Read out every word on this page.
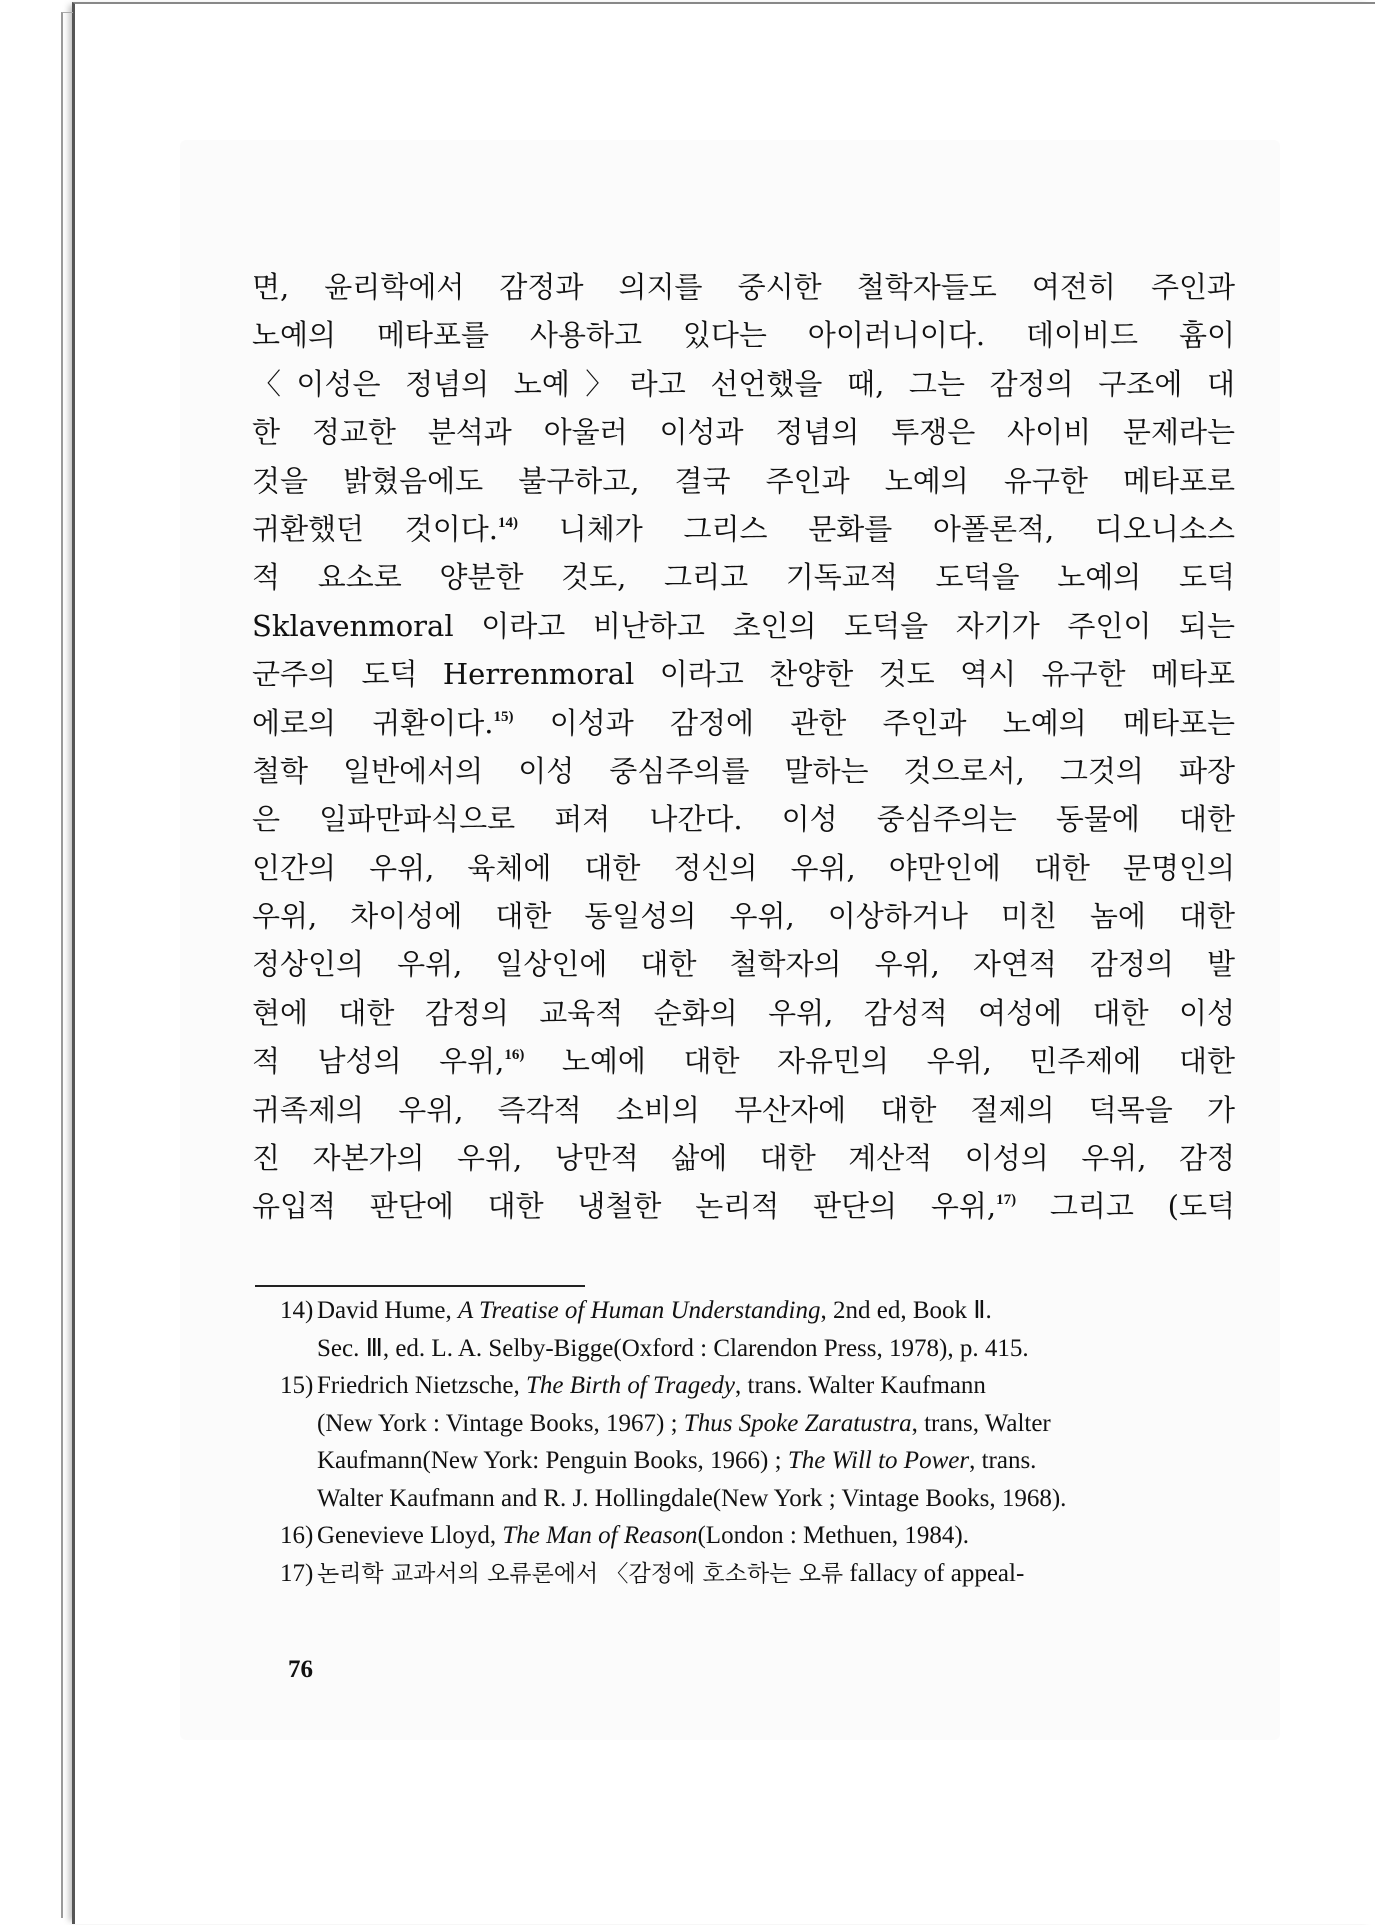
면, 윤리학에서 감정과 의지를 중시한 철학자들도 여전히 주인과
노예의 메타포를 사용하고 있다는 아이러니이다. 데이비드 흄이
〈이성은 정념의 노예〉라고 선언했을 때, 그는 감정의 구조에 대
한 정교한 분석과 아울러 이성과 정념의 투쟁은 사이비 문제라는
것을 밝혔음에도 불구하고, 결국 주인과 노예의 유구한 메타포로
귀환했던 것이다.$^{14)}$ 니체가 그리스 문화를 아폴론적, 디오니소스
적 요소로 양분한 것도, 그리고 기독교적 도덕을 노예의 도덕
Sklavenmoral 이라고 비난하고 초인의 도덕을 자기가 주인이 되는
군주의 도덕 Herrenmoral 이라고 찬양한 것도 역시 유구한 메타포
에로의 귀환이다.$^{15)}$ 이성과 감정에 관한 주인과 노예의 메타포는
철학 일반에서의 이성 중심주의를 말하는 것으로서, 그것의 파장
은 일파만파식으로 퍼져 나간다. 이성 중심주의는 동물에 대한
인간의 우위, 육체에 대한 정신의 우위, 야만인에 대한 문명인의
우위, 차이성에 대한 동일성의 우위, 이상하거나 미친 놈에 대한
정상인의 우위, 일상인에 대한 철학자의 우위, 자연적 감정의 발
현에 대한 감정의 교육적 순화의 우위, 감성적 여성에 대한 이성
적 남성의 우위,$^{16)}$ 노예에 대한 자유민의 우위, 민주제에 대한
귀족제의 우위, 즉각적 소비의 무산자에 대한 절제의 덕목을 가
진 자본가의 우위, 낭만적 삶에 대한 계산적 이성의 우위, 감정
유입적 판단에 대한 냉철한 논리적 판단의 우위,$^{17)}$ 그리고 (도덕
14) David Hume, A Treatise of Human Understanding, 2nd ed, Book Ⅱ.
Sec. Ⅲ, ed. L. A. Selby-Bigge(Oxford : Clarendon Press, 1978), p. 415.
15) Friedrich Nietzsche, The Birth of Tragedy, trans. Walter Kaufmann
(New York : Vintage Books, 1967) ; Thus Spoke Zaratustra, trans, Walter
Kaufmann(New York: Penguin Books, 1966) ; The Will to Power, trans.
Walter Kaufmann and R. J. Hollingdale(New York ; Vintage Books, 1968).
16) Genevieve Lloyd, The Man of Reason(London : Methuen, 1984).
17) 논리학 교과서의 오류론에서 〈감정에 호소하는 오류 fallacy of appeal-
76
